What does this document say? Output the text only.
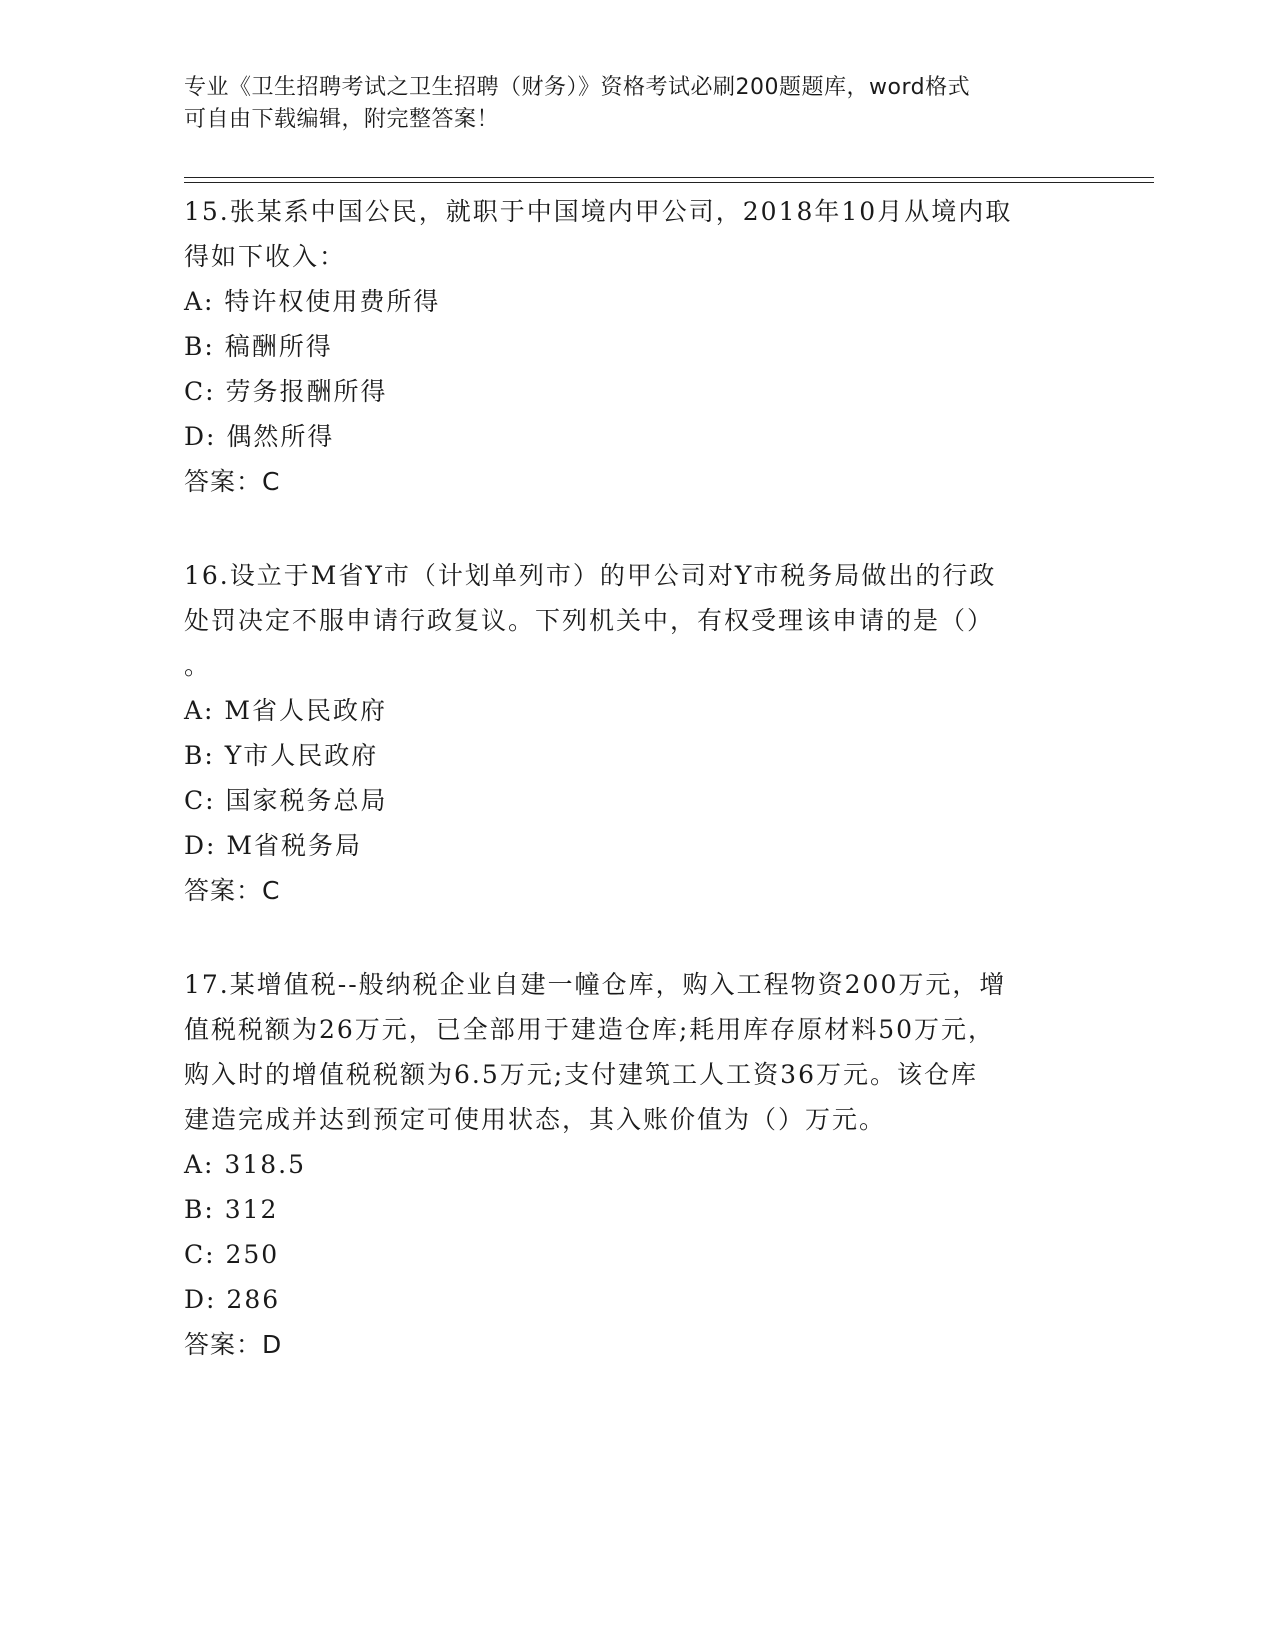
专业《卫生招聘考试之卫生招聘（财务）》资格考试必刷200题题库，word格式
可自由下载编辑，附完整答案！
15.张某系中国公民，就职于中国境内甲公司，2018年10月从境内取
得如下收入：
A: 特许权使用费所得
B: 稿酬所得
C: 劳务报酬所得
D: 偶然所得
答案：C
16.设立于M省Y市（计划单列市）的甲公司对Y市税务局做出的行政
处罚决定不服申请行政复议。下列机关中，有权受理该申请的是（）
。
A: M省人民政府
B: Y市人民政府
C: 国家税务总局
D: M省税务局
答案：C
17.某增值税--般纳税企业自建一幢仓库，购入工程物资200万元，增
值税税额为26万元，已全部用于建造仓库;耗用库存原材料50万元，
购入时的增值税税额为6.5万元;支付建筑工人工资36万元。该仓库
建造完成并达到预定可使用状态，其入账价值为（）万元。
A: 318.5
B: 312
C: 250
D: 286
答案：D
